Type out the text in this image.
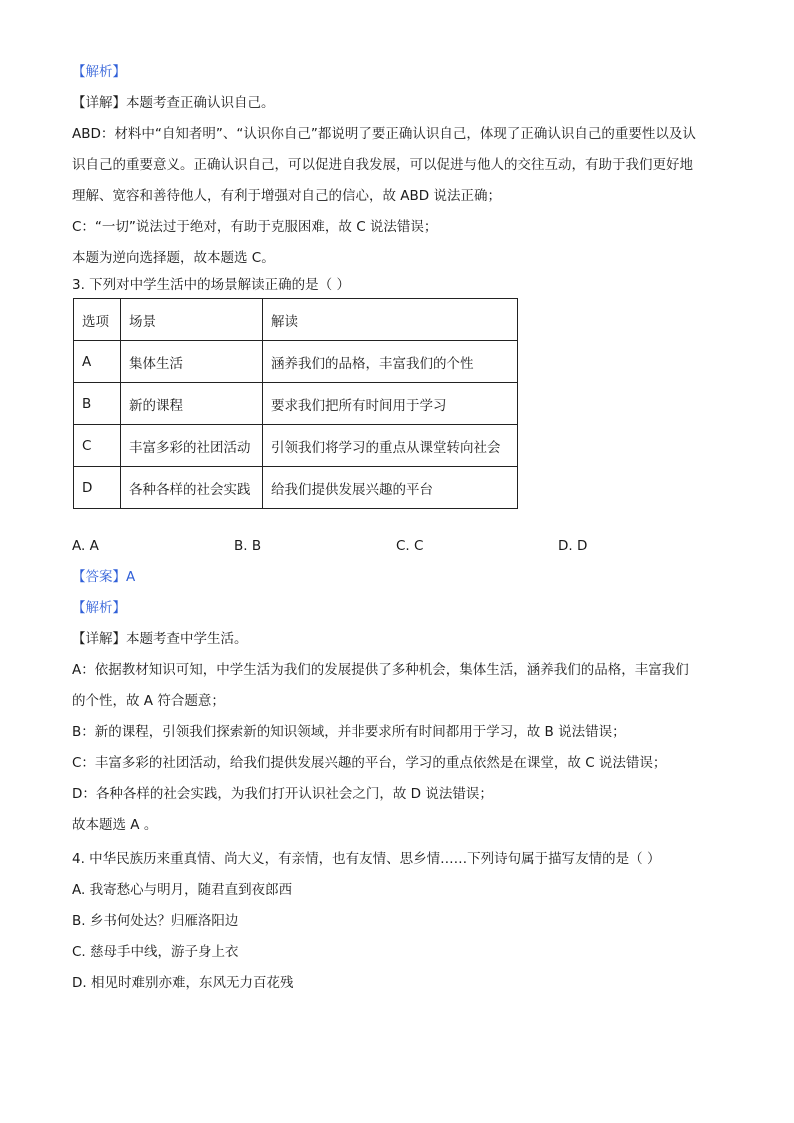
【解析】

【详解】本题考查正确认识自己。

ABD：材料中“自知者明”、“认识你自己”都说明了要正确认识自己，体现了正确认识自己的重要性以及认

识自己的重要意义。正确认识自己，可以促进自我发展，可以促进与他人的交往互动，有助于我们更好地

理解、宽容和善待他人，有利于增强对自己的信心，故 ABD 说法正确；

C：“一切”说法过于绝对，有助于克服困难，故 C 说法错误；

本题为逆向选择题，故本题选 C。

3. 下列对中学生活中的场景解读正确的是（ ）

选项	场景	解读
A	集体生活	涵养我们的品格，丰富我们的个性
B	新的课程	要求我们把所有时间用于学习
C	丰富多彩的社团活动	引领我们将学习的重点从课堂转向社会
D	各种各样的社会实践	给我们提供发展兴趣的平台
A. A	B. B	C. C	D. D

【答案】A

【解析】

【详解】本题考查中学生活。

A：依据教材知识可知，中学生活为我们的发展提供了多种机会，集体生活，涵养我们的品格，丰富我们

的个性，故 A 符合题意；

B：新的课程，引领我们探索新的知识领域，并非要求所有时间都用于学习，故 B 说法错误；

C：丰富多彩的社团活动，给我们提供发展兴趣的平台，学习的重点依然是在课堂，故 C 说法错误；

D：各种各样的社会实践，为我们打开认识社会之门，故 D 说法错误；

故本题选 A 。

4. 中华民族历来重真情、尚大义，有亲情，也有友情、思乡情……下列诗句属于描写友情的是（ ）

A. 我寄愁心与明月，随君直到夜郎西

B. 乡书何处达？归雁洛阳边

C. 慈母手中线，游子身上衣

D. 相见时难别亦难，东风无力百花残
